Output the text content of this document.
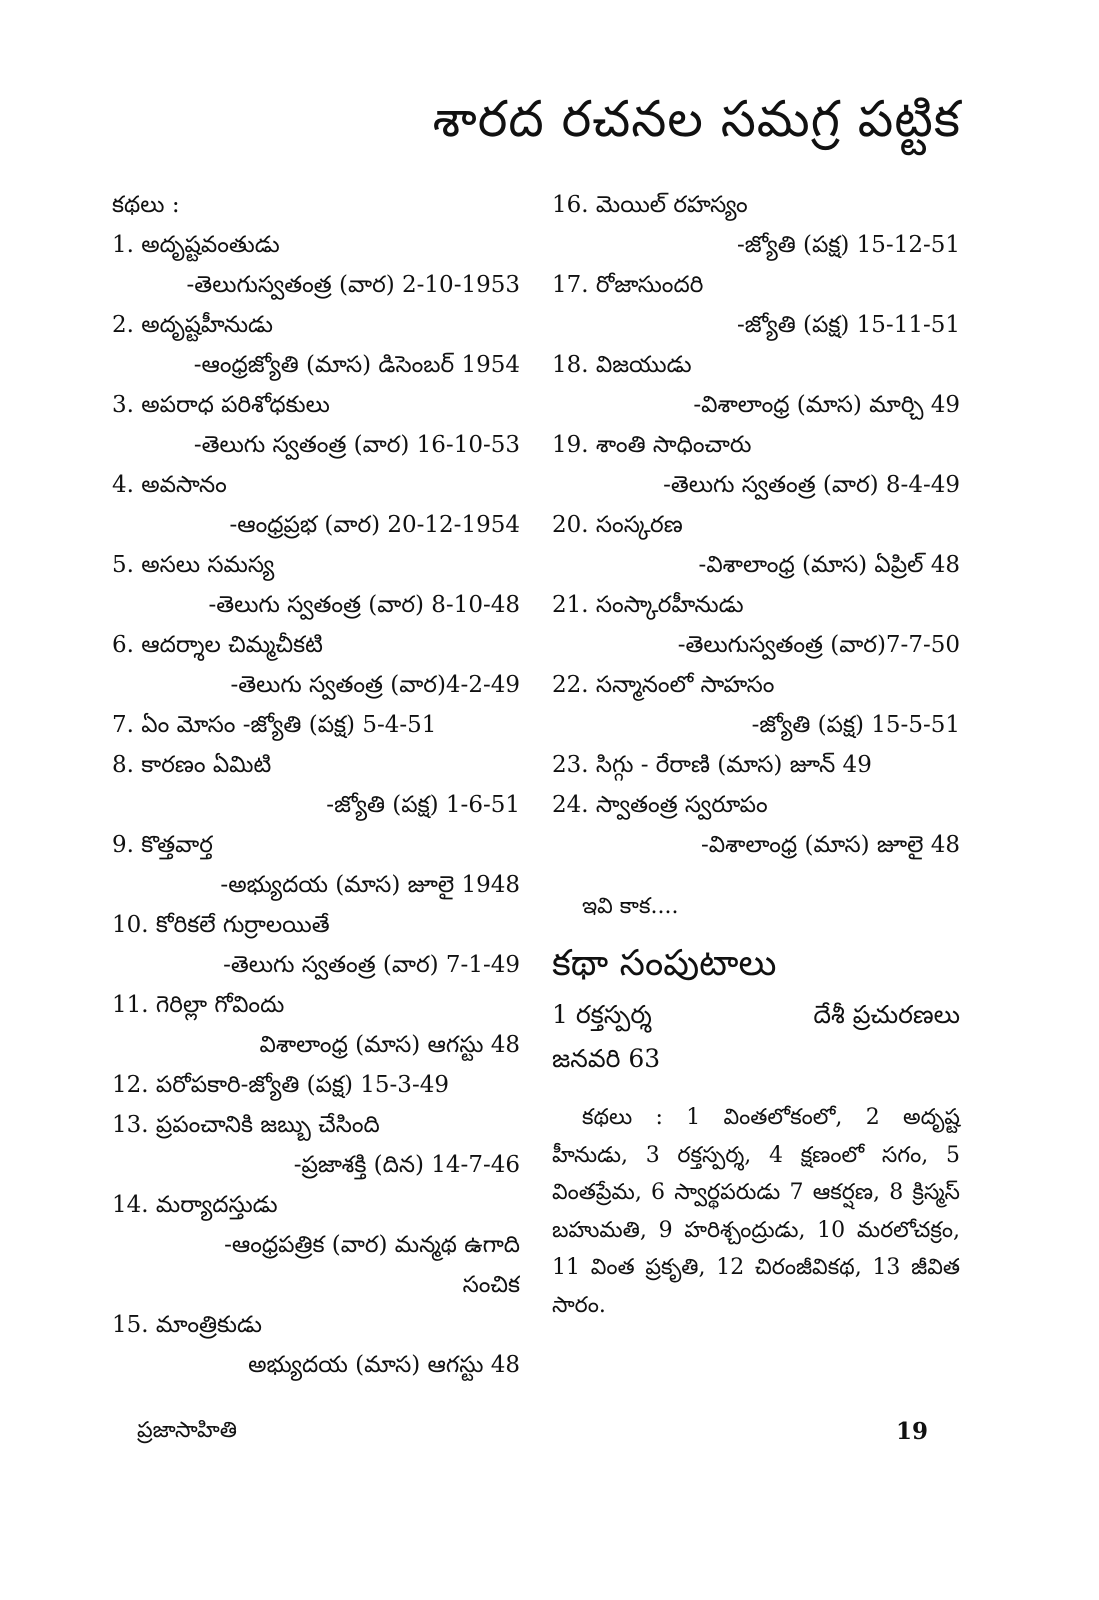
శారద రచనల సమగ్ర పట్టిక
కథలు :
1. అదృష్టవంతుడు
-తెలుగుస్వతంత్ర (వార) 2-10-1953
2. అదృష్టహీనుడు
-ఆంధ్రజ్యోతి (మాస) డిసెంబర్ 1954
3. అపరాధ పరిశోధకులు
-తెలుగు స్వతంత్ర (వార) 16-10-53
4. అవసానం
-ఆంధ్రప్రభ (వార) 20-12-1954
5. అసలు సమస్య
-తెలుగు స్వతంత్ర (వార) 8-10-48
6. ఆదర్శాల చిమ్మచీకటి
-తెలుగు స్వతంత్ర (వార)4-2-49
7. ఏం మోసం -జ్యోతి (పక్ష) 5-4-51
8. కారణం ఏమిటి
-జ్యోతి (పక్ష) 1-6-51
9. కొత్తవార్త
-అభ్యుదయ (మాస) జూలై 1948
10. కోరికలే గుర్రాలయితే
-తెలుగు స్వతంత్ర (వార) 7-1-49
11. గెరిల్లా గోవిందు
విశాలాంధ్ర (మాస) ఆగస్టు 48
12. పరోపకారి-జ్యోతి (పక్ష) 15-3-49
13. ప్రపంచానికి జబ్బు చేసింది
-ప్రజాశక్తి (దిన) 14-7-46
14. మర్యాదస్తుడు
-ఆంధ్రపత్రిక (వార) మన్మథ ఉగాది
సంచిక
15. మాంత్రికుడు
అభ్యుదయ (మాస) ఆగస్టు 48
16. మెయిల్ రహస్యం
-జ్యోతి (పక్ష) 15-12-51
17. రోజాసుందరి
-జ్యోతి (పక్ష) 15-11-51
18. విజయుడు
-విశాలాంధ్ర (మాస) మార్చి 49
19. శాంతి సాధించారు
-తెలుగు స్వతంత్ర (వార) 8-4-49
20. సంస్కరణ
-విశాలాంధ్ర (మాస) ఏప్రిల్ 48
21. సంస్కారహీనుడు
-తెలుగుస్వతంత్ర (వార)7-7-50
22. సన్మానంలో సాహసం
-జ్యోతి (పక్ష) 15-5-51
23. సిగ్గు - రేరాణి (మాస) జూన్ 49
24. స్వాతంత్ర స్వరూపం
-విశాలాంధ్ర (మాస) జూలై 48
ఇవి కాక....
కథా సంపుటాలు
1 రక్తస్పర్శ	దేశీ ప్రచురణలు
జనవరి 63
కథలు : 1 వింతలోకంలో, 2 అదృష్ట హీనుడు, 3 రక్తస్పర్శ, 4 క్షణంలో సగం, 5 వింతప్రేమ, 6 స్వార్థపరుడు 7 ఆకర్షణ, 8 క్రిస్మస్ బహుమతి, 9 హరిశ్చంద్రుడు, 10 మరలోచక్రం, 11 వింత ప్రకృతి, 12 చిరంజీవికథ, 13 జీవిత సారం.
ప్రజాసాహితి	19
